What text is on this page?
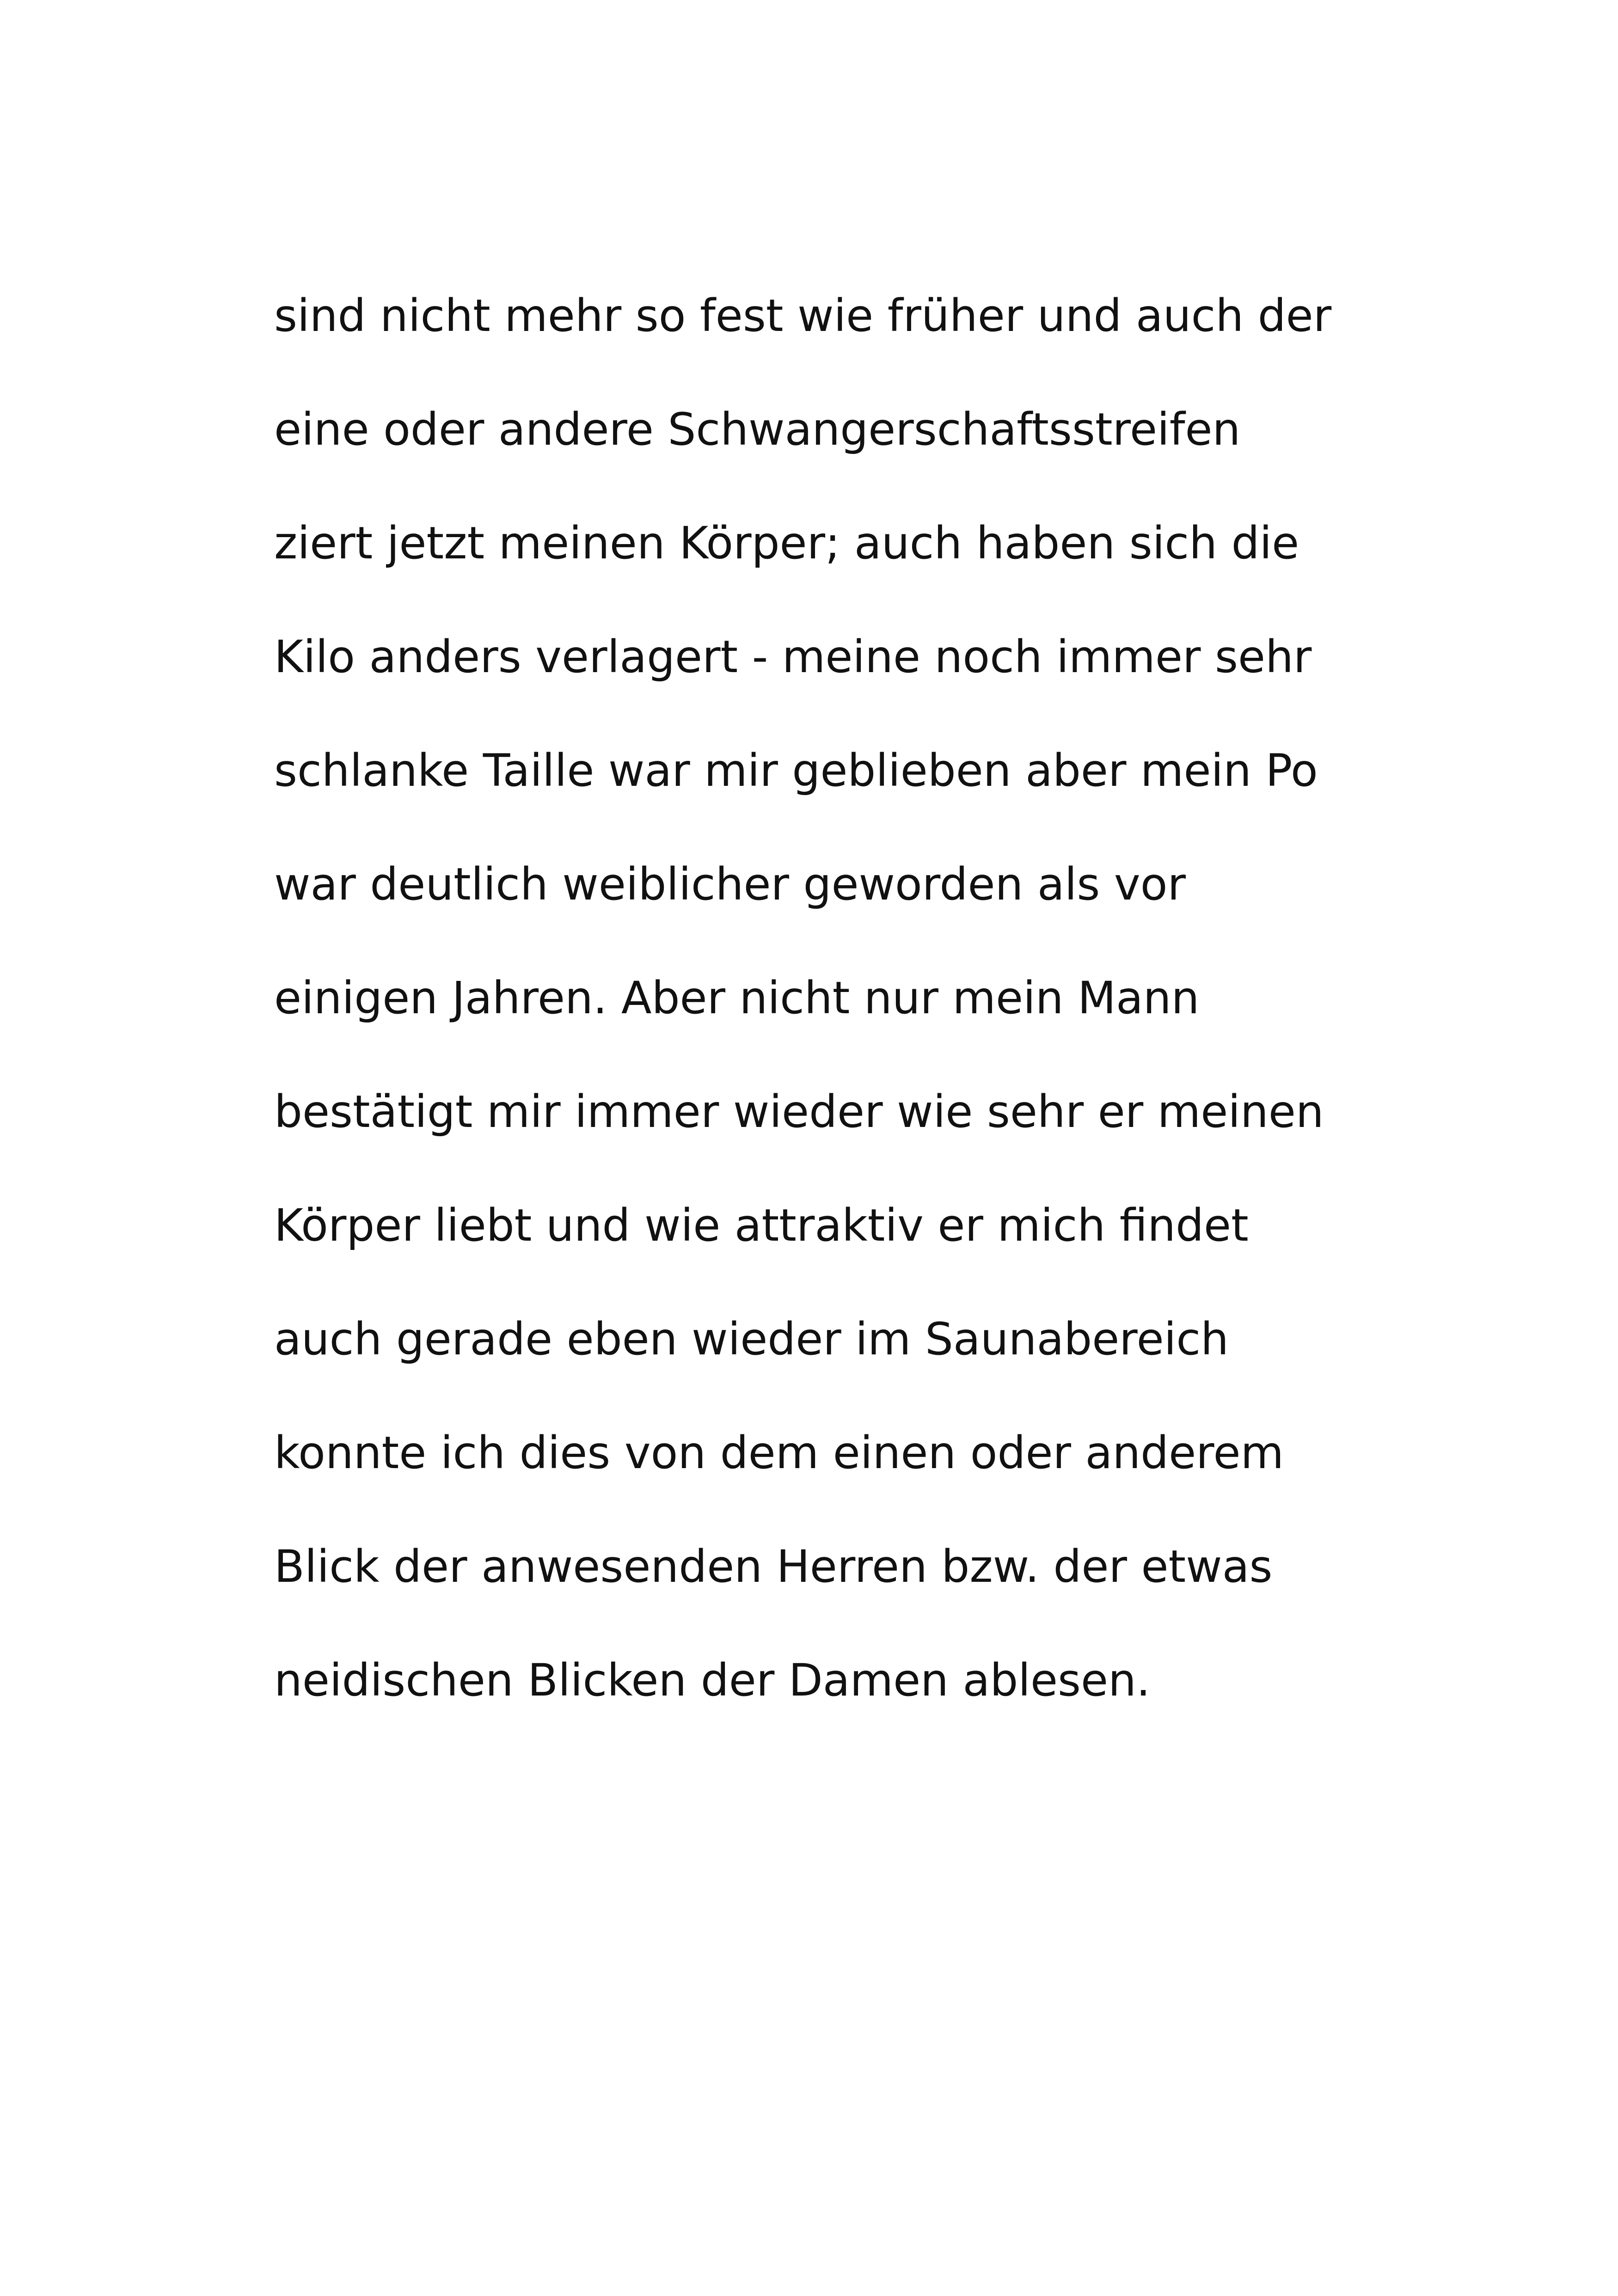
sind nicht mehr so fest wie früher und auch der
eine oder andere Schwangerschaftsstreifen
ziert jetzt meinen Körper; auch haben sich die
Kilo anders verlagert - meine noch immer sehr
schlanke Taille war mir geblieben aber mein Po
war deutlich weiblicher geworden als vor
einigen Jahren. Aber nicht nur mein Mann
bestätigt mir immer wieder wie sehr er meinen
Körper liebt und wie attraktiv er mich findet
auch gerade eben wieder im Saunabereich
konnte ich dies von dem einen oder anderem
Blick der anwesenden Herren bzw. der etwas
neidischen Blicken der Damen ablesen.
